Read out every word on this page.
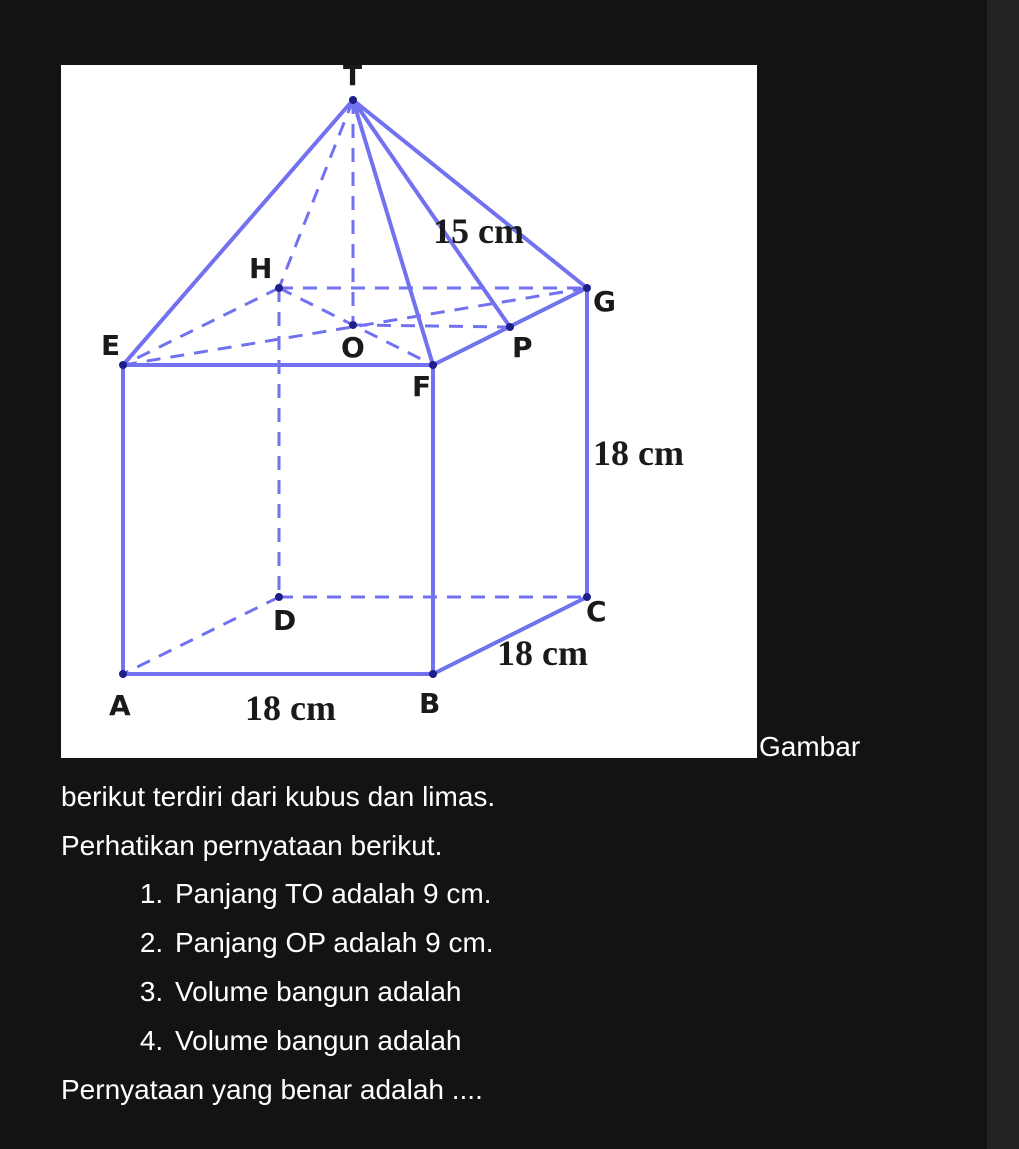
T
H
G
E	O	P
F
D	C
A	B
15 cm
18 cm
18 cm
18 cm
Gambar

berikut terdiri dari kubus dan limas.

Perhatikan pernyataan berikut.

1. Panjang TO adalah 9 cm.
2. Panjang OP adalah 9 cm.
3. Volume bangun adalah
4. Volume bangun adalah

Pernyataan yang benar adalah ....
